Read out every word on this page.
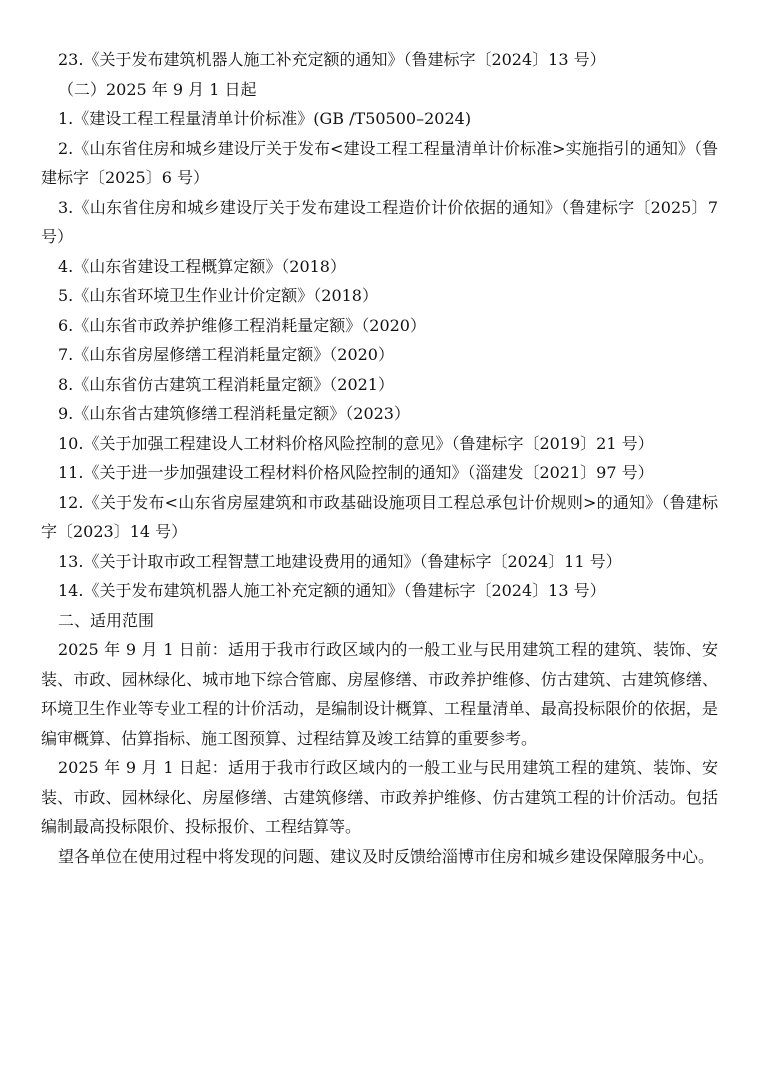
23.《关于发布建筑机器人施工补充定额的通知》（鲁建标字〔2024〕13 号）

（二）2025 年 9 月 1 日起

1.《建设工程工程量清单计价标准》(GB /T50500–2024)

2.《山东省住房和城乡建设厅关于发布<建设工程工程量清单计价标准>实施指引的通知》（鲁建标字〔2025〕6 号）

3.《山东省住房和城乡建设厅关于发布建设工程造价计价依据的通知》（鲁建标字〔2025〕7 号）

4.《山东省建设工程概算定额》（2018）

5.《山东省环境卫生作业计价定额》（2018）

6.《山东省市政养护维修工程消耗量定额》（2020）

7.《山东省房屋修缮工程消耗量定额》（2020）

8.《山东省仿古建筑工程消耗量定额》（2021）

9.《山东省古建筑修缮工程消耗量定额》（2023）

10.《关于加强工程建设人工材料价格风险控制的意见》（鲁建标字〔2019〕21 号）

11.《关于进一步加强建设工程材料价格风险控制的通知》（淄建发〔2021〕97 号）

12.《关于发布<山东省房屋建筑和市政基础设施项目工程总承包计价规则>的通知》（鲁建标字〔2023〕14 号）

13.《关于计取市政工程智慧工地建设费用的通知》（鲁建标字〔2024〕11 号）

14.《关于发布建筑机器人施工补充定额的通知》（鲁建标字〔2024〕13 号）

二、适用范围

2025 年 9 月 1 日前：适用于我市行政区域内的一般工业与民用建筑工程的建筑、装饰、安装、市政、园林绿化、城市地下综合管廊、房屋修缮、市政养护维修、仿古建筑、古建筑修缮、环境卫生作业等专业工程的计价活动，是编制设计概算、工程量清单、最高投标限价的依据，是编审概算、估算指标、施工图预算、过程结算及竣工结算的重要参考。

2025 年 9 月 1 日起：适用于我市行政区域内的一般工业与民用建筑工程的建筑、装饰、安装、市政、园林绿化、房屋修缮、古建筑修缮、市政养护维修、仿古建筑工程的计价活动。包括编制最高投标限价、投标报价、工程结算等。

望各单位在使用过程中将发现的问题、建议及时反馈给淄博市住房和城乡建设保障服务中心。
